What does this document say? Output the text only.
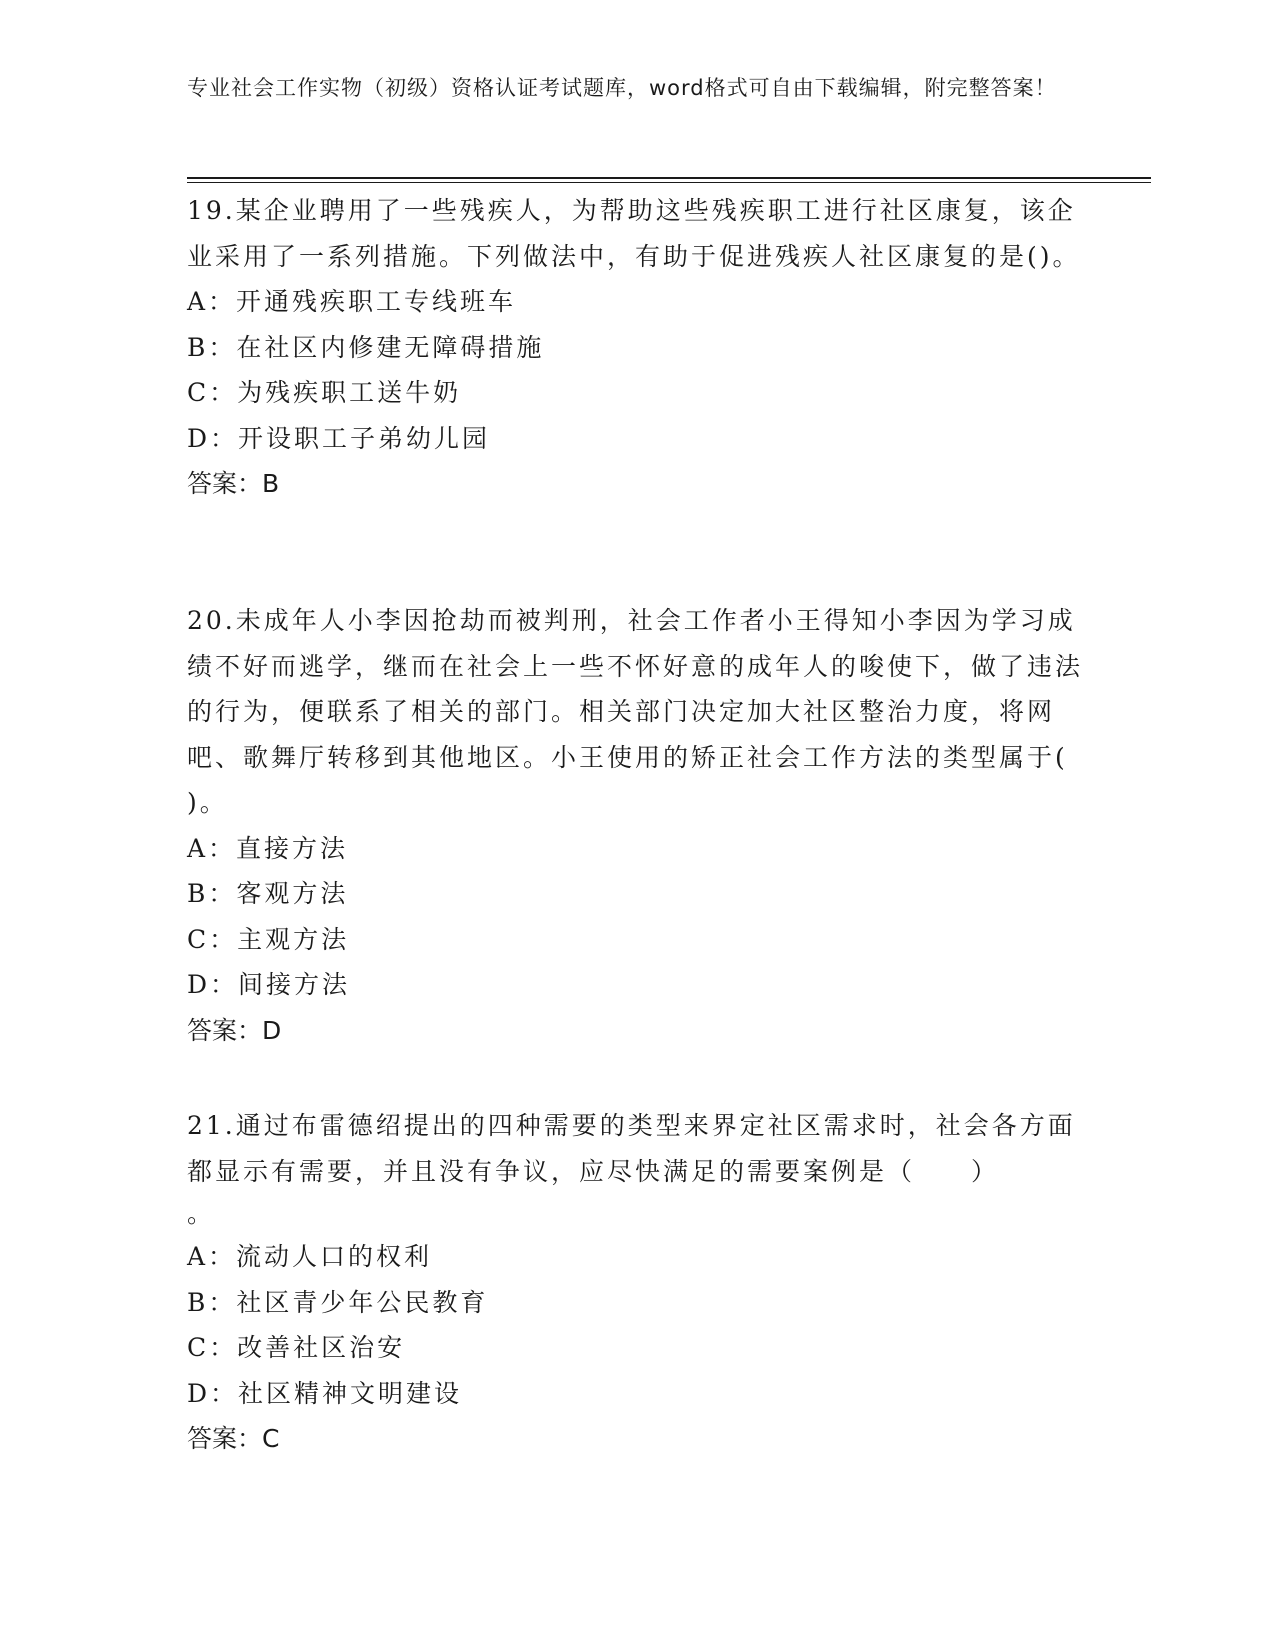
专业社会工作实物（初级）资格认证考试题库，word格式可自由下载编辑，附完整答案！

19.某企业聘用了一些残疾人，为帮助这些残疾职工进行社区康复，该企业采用了一系列措施。下列做法中，有助于促进残疾人社区康复的是()。

A：开通残疾职工专线班车
B：在社区内修建无障碍措施
C：为残疾职工送牛奶
D：开设职工子弟幼儿园
答案：B

20.未成年人小李因抢劫而被判刑，社会工作者小王得知小李因为学习成绩不好而逃学，继而在社会上一些不怀好意的成年人的唆使下，做了违法的行为，便联系了相关的部门。相关部门决定加大社区整治力度，将网吧、歌舞厅转移到其他地区。小王使用的矫正社会工作方法的类型属于( )。

A：直接方法
B：客观方法
C：主观方法
D：间接方法
答案：D

21.通过布雷德绍提出的四种需要的类型来界定社区需求时，社会各方面都显示有需要，并且没有争议，应尽快满足的需要案例是（　　）

。

A：流动人口的权利
B：社区青少年公民教育
C：改善社区治安
D：社区精神文明建设
答案：C
